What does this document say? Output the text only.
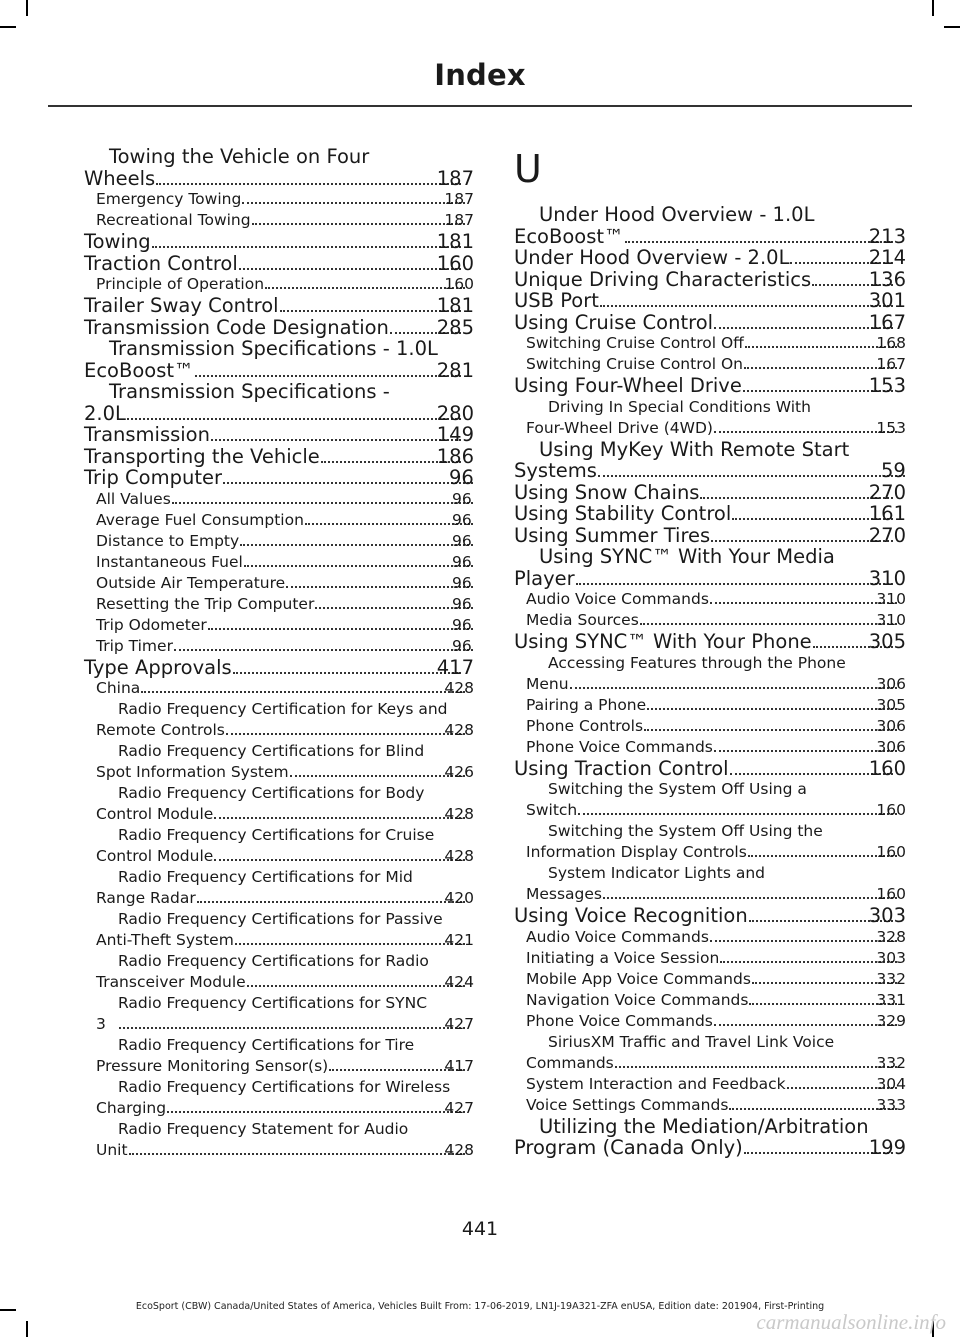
Index
Towing the Vehicle on Four
Wheels	187
Emergency Towing	187
Recreational Towing	187
Towing	181
Traction Control	160
Principle of Operation	160
Trailer Sway Control	181
Transmission Code Designation 285
Transmission Specifications - 1.0L
EcoBoost™	281
Transmission Specifications -
2.0L	280
Transmission	149
Transporting the Vehicle	186
Trip Computer	96
All Values	96
Average Fuel Consumption	96
Distance to Empty	96
Instantaneous Fuel	96
Outside Air Temperature	96
Resetting the Trip Computer	96
Trip Odometer	96
Trip Timer	96
Type Approvals	417
China	428
Radio Frequency Certification for Keys and
Remote Controls	428
Radio Frequency Certifications for Blind
Spot Information System	426
Radio Frequency Certifications for Body
Control Module	428
Radio Frequency Certifications for Cruise
Control Module	428
Radio Frequency Certifications for Mid
Range Radar	420
Radio Frequency Certifications for Passive
Anti-Theft System	421
Radio Frequency Certifications for Radio
Transceiver Module	424
Radio Frequency Certifications for SYNC
3	427
Radio Frequency Certifications for Tire
Pressure Monitoring Sensor(s)	417
Radio Frequency Certifications for Wireless
Charging	427
Radio Frequency Statement for Audio
Unit	428
U
Under Hood Overview - 1.0L
EcoBoost™	213
Under Hood Overview - 2.0L	214
Unique Driving Characteristics	136
USB Port	301
Using Cruise Control	167
Switching Cruise Control Off	168
Switching Cruise Control On	167
Using Four-Wheel Drive	153
Driving In Special Conditions With
Four-Wheel Drive (4WD)	153
Using MyKey With Remote Start
Systems	59
Using Snow Chains	270
Using Stability Control	161
Using Summer Tires	270
Using SYNC™ With Your Media
Player	310
Audio Voice Commands	310
Media Sources	310
Using SYNC™ With Your Phone	305
Accessing Features through the Phone
Menu	306
Pairing a Phone	305
Phone Controls	306
Phone Voice Commands	306
Using Traction Control	160
Switching the System Off Using a
Switch	160
Switching the System Off Using the
Information Display Controls	160
System Indicator Lights and
Messages	160
Using Voice Recognition	303
Audio Voice Commands	328
Initiating a Voice Session	303
Mobile App Voice Commands	332
Navigation Voice Commands	331
Phone Voice Commands	329
SiriusXM Traffic and Travel Link Voice
Commands	332
System Interaction and Feedback	304
Voice Settings Commands	333
Utilizing the Mediation/Arbitration
Program (Canada Only)	199
441
EcoSport (CBW) Canada/United States of America, Vehicles Built From: 17-06-2019, LN1J-19A321-ZFA enUSA, Edition date: 201904, First-Printing
carmanualsonline.info
